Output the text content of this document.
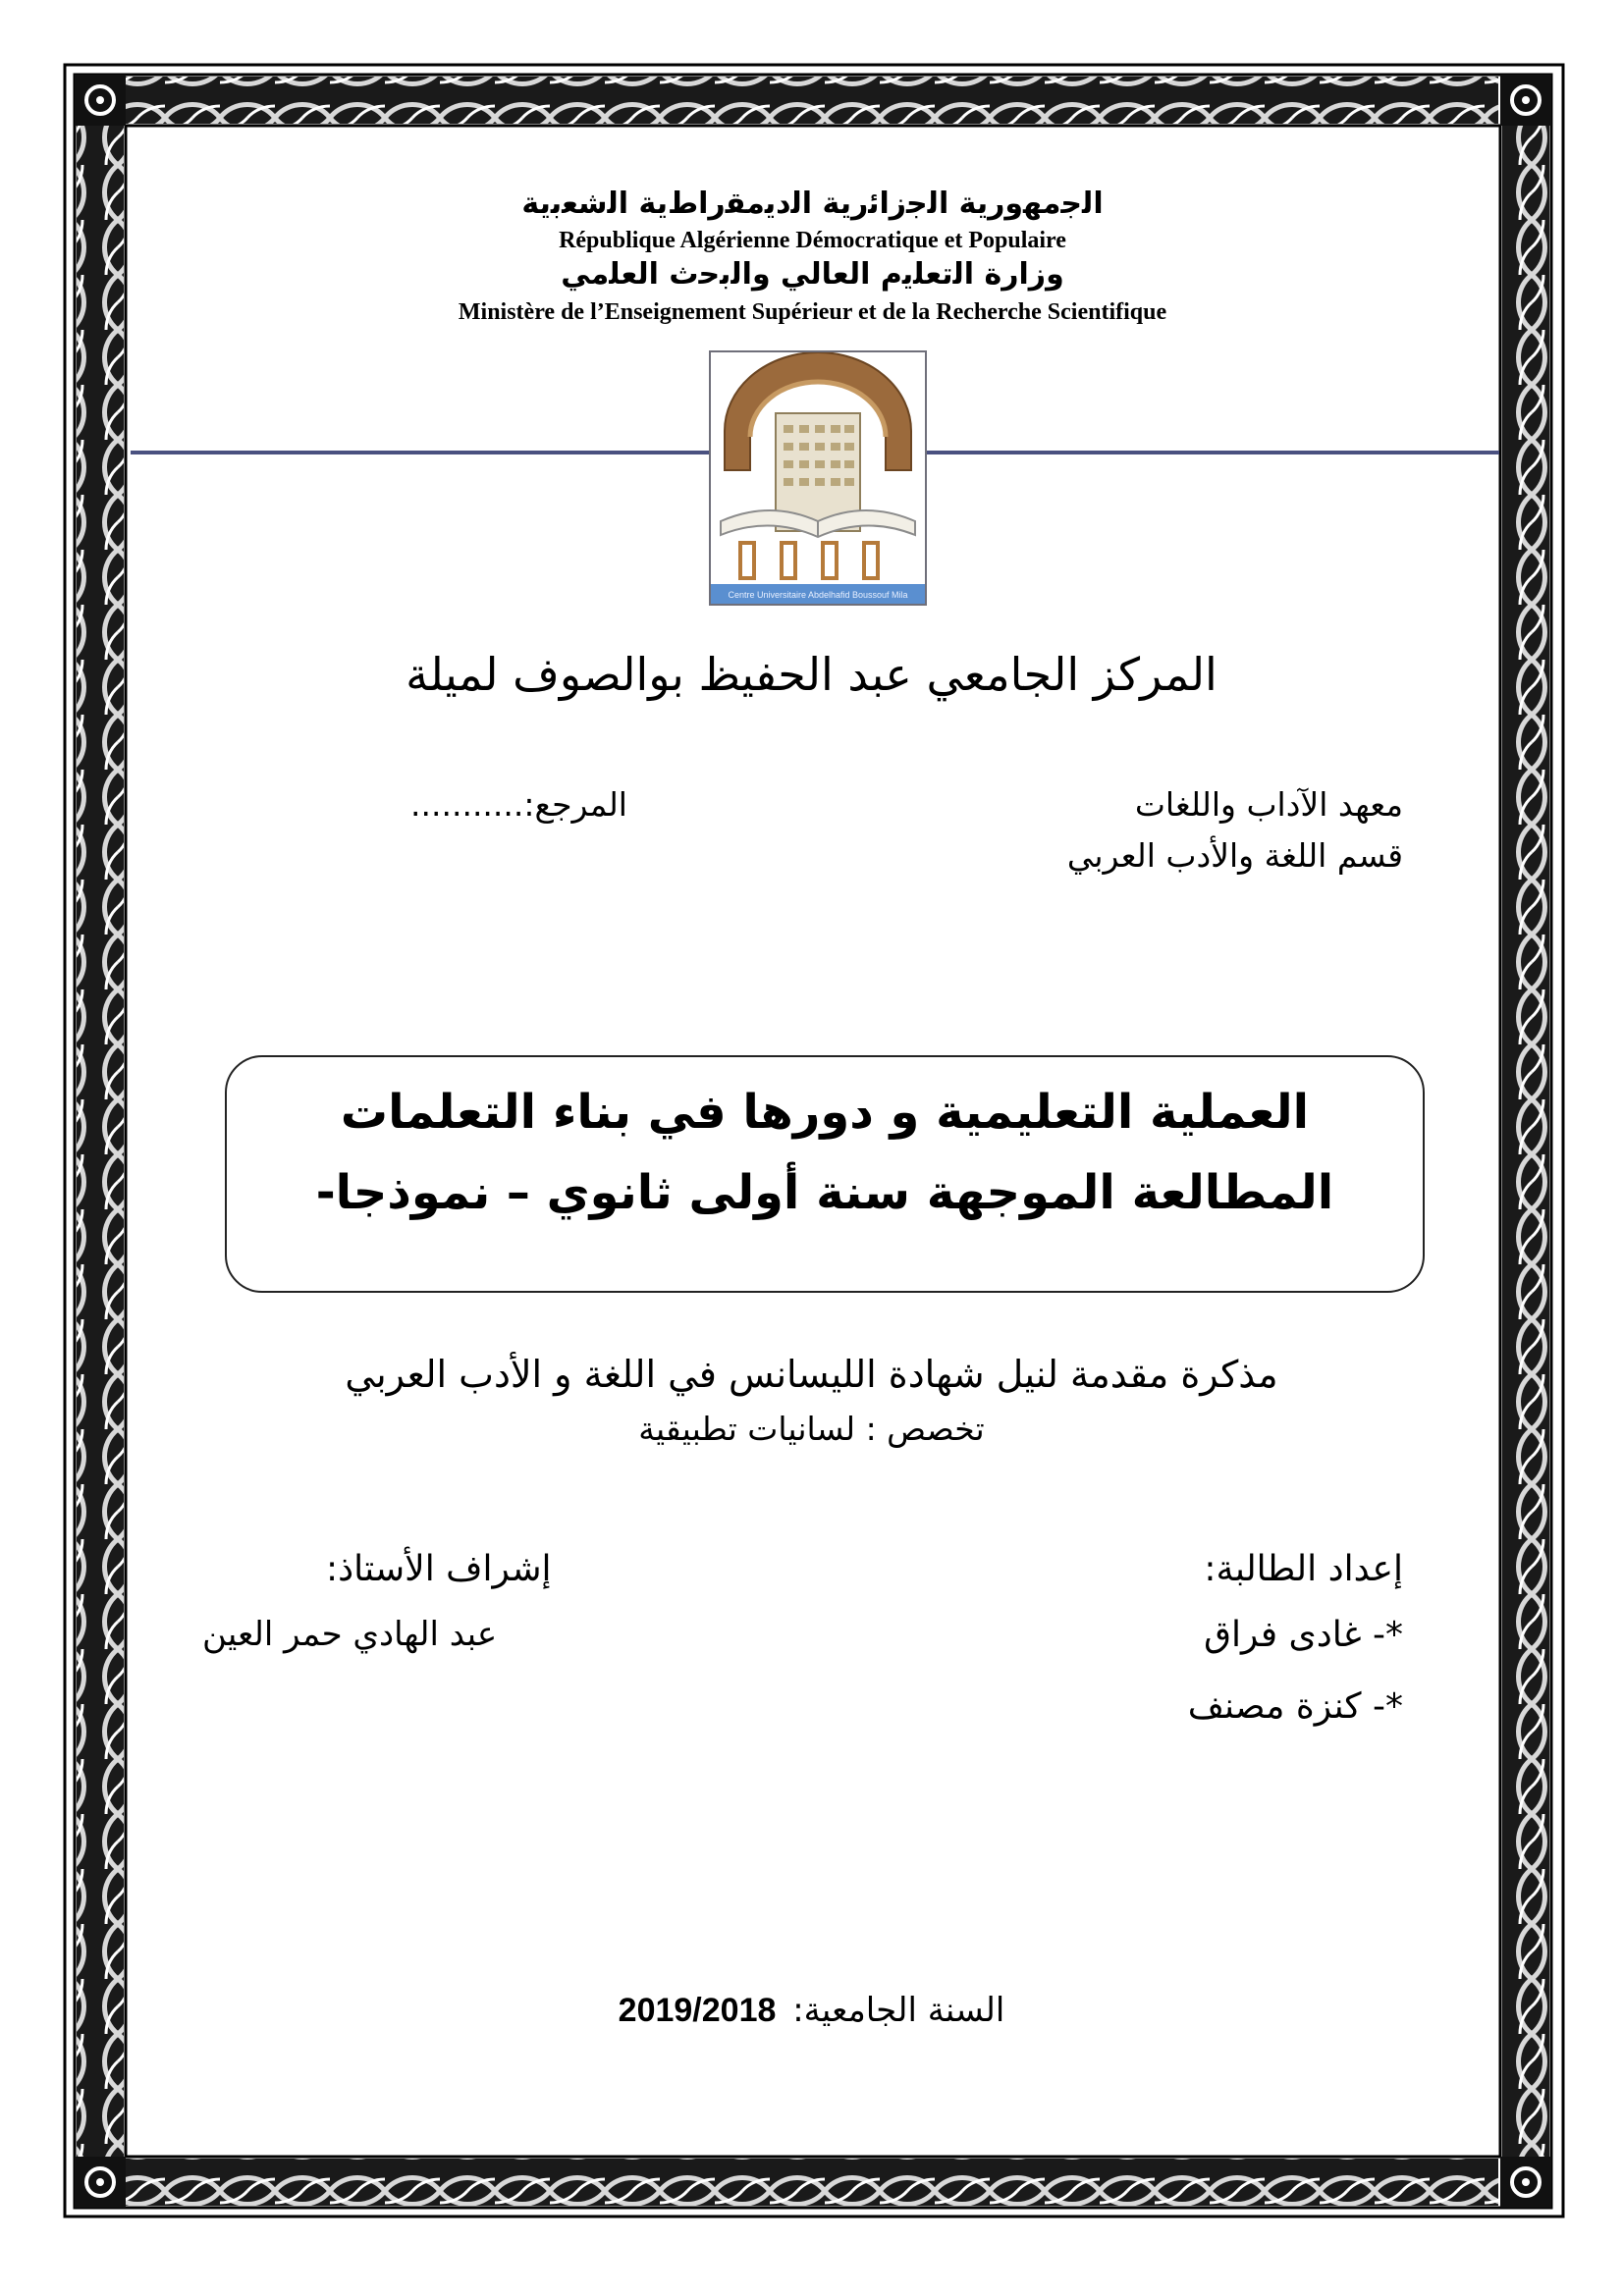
ﺍﻟﺟﻣﻬﻭﺭﻳﺔ ﺍﻟﺟﺯﺍﺋﺭﻳﺔ ﺍﻟﺩﻳﻣﻘﺭﺍﻁﻳﺔ ﺍﻟﺷﻌﺑﻳﺔ
République Algérienne Démocratique et Populaire
ﻭﺯﺍﺭﺓ ﺍﻟﺗﻌﻠﻳﻡ ﺍﻟﻌﺎﻟﻲ ﻭﺍﻟﺑﺣﺙ ﺍﻟﻌﻠﻣﻲ
Ministère de l’Enseignement Supérieur et de la Recherche Scientifique
Centre Universitaire Abdelhafid Boussouf Mila
المركز الجامعي عبد الحفيظ بوالصوف لميلة
معهد الآداب واللغات
المرجع:...........
قسم اللغة والأدب العربي
العملية التعليمية و دورها في بناء التعلمات
المطالعة الموجهة سنة أولى ثانوي – نموذجا-
مذكرة مقدمة لنيل شهادة الليسانس في اللغة و الأدب العربي
تخصص : لسانيات تطبيقية
إعداد الطالبة:
*- غادى فراق
*- كنزة مصنف
إشراف الأستاذ:
عبد الهادي حمر العين
2019/2018 السنة الجامعية:
